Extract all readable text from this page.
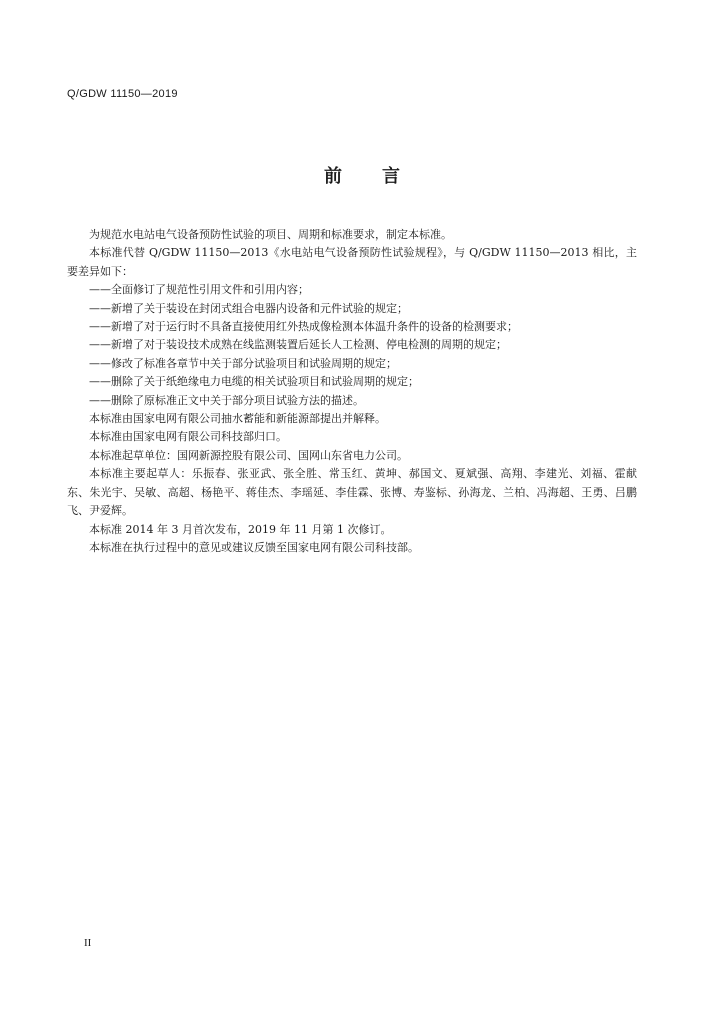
Q/GDW 11150—2019
前 言

为规范水电站电气设备预防性试验的项目、周期和标准要求，制定本标准。

本标准代替 Q/GDW 11150—2013《水电站电气设备预防性试验规程》，与 Q/GDW 11150—2013 相比，主要差异如下：

——全面修订了规范性引用文件和引用内容；

——新增了关于装设在封闭式组合电器内设备和元件试验的规定；

——新增了对于运行时不具备直接使用红外热成像检测本体温升条件的设备的检测要求；

——新增了对于装设技术成熟在线监测装置后延长人工检测、停电检测的周期的规定；

——修改了标准各章节中关于部分试验项目和试验周期的规定；

——删除了关于纸绝缘电力电缆的相关试验项目和试验周期的规定；

——删除了原标准正文中关于部分项目试验方法的描述。

本标准由国家电网有限公司抽水蓄能和新能源部提出并解释。

本标准由国家电网有限公司科技部归口。

本标准起草单位：国网新源控股有限公司、国网山东省电力公司。

本标准主要起草人：乐振春、张亚武、张全胜、常玉红、黄坤、郝国文、夏斌强、高翔、李建光、刘福、霍献东、朱光宇、吴敏、高超、杨艳平、蒋佳杰、李瑶延、李佳霖、张博、寿鉴标、孙海龙、兰柏、冯海超、王勇、吕鹏飞、尹爱辉。

本标准 2014 年 3 月首次发布，2019 年 11 月第 1 次修订。

本标准在执行过程中的意见或建议反馈至国家电网有限公司科技部。

II
